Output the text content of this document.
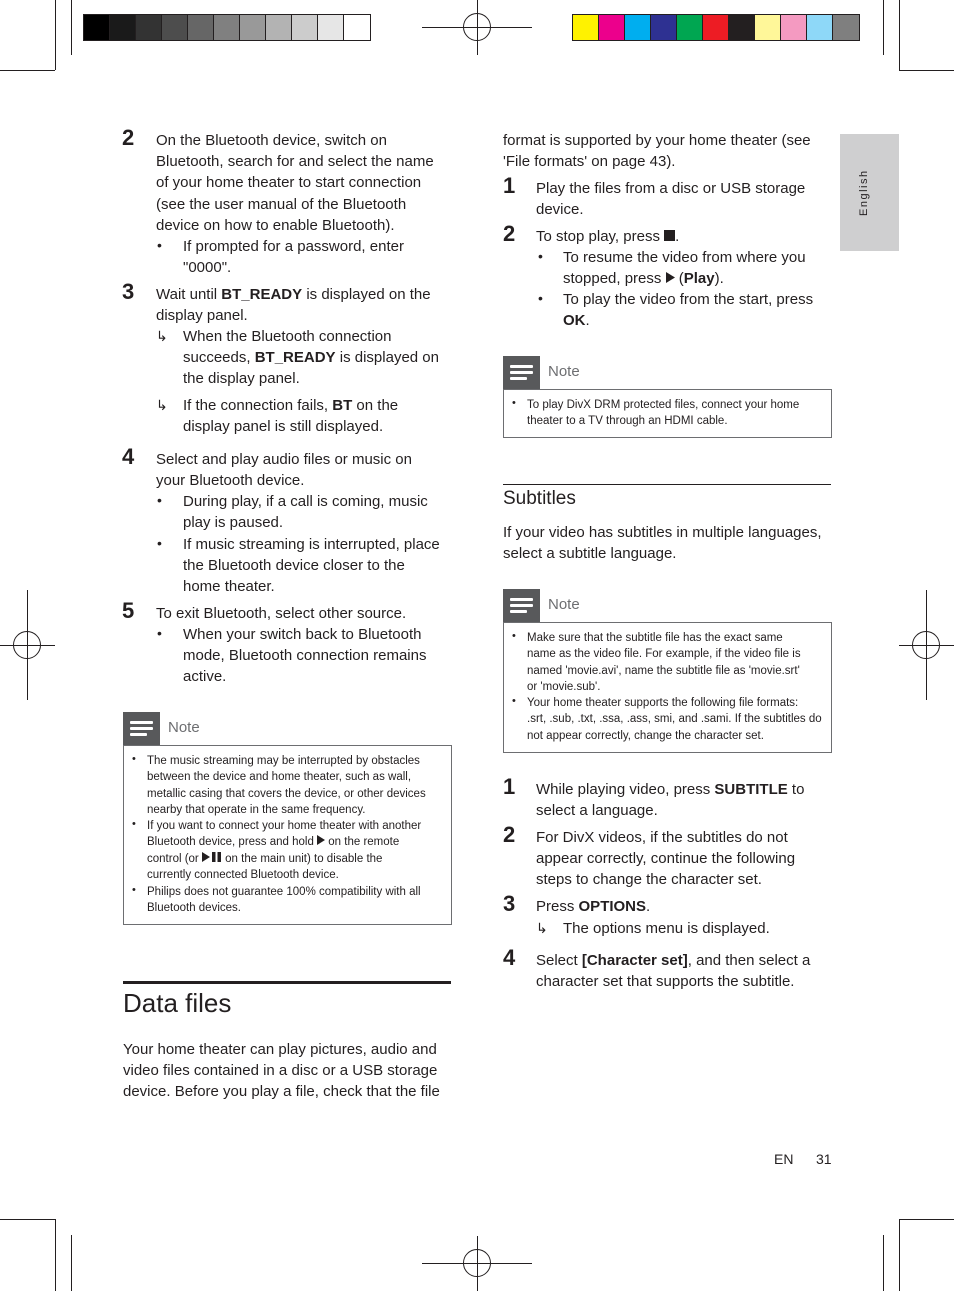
English
2 On the Bluetooth device, switch on
Bluetooth, search for and select the name
of your home theater to start connection
(see the user manual of the Bluetooth
device on how to enable Bluetooth).
• If prompted for a password, enter
"0000".
3 Wait until BT_READY is displayed on the
display panel.
↳ When the Bluetooth connection
succeeds, BT_READY is displayed on
the display panel.
↳ If the connection fails, BT on the
display panel is still displayed.
4 Select and play audio files or music on
your Bluetooth device.
• During play, if a call is coming, music
play is paused.
• If music streaming is interrupted, place
the Bluetooth device closer to the
home theater.
5 To exit Bluetooth, select other source.
• When your switch back to Bluetooth
mode, Bluetooth connection remains
active.
Note
• The music streaming may be interrupted by obstacles
between the device and home theater, such as wall,
metallic casing that covers the device, or other devices
nearby that operate in the same frequency.
• If you want to connect your home theater with another
Bluetooth device, press and hold  on the remote
control (or  on the main unit) to disable the
currently connected Bluetooth device.
• Philips does not guarantee 100% compatibility with all
Bluetooth devices.
Data files
Your home theater can play pictures, audio and
video files contained in a disc or a USB storage
device. Before you play a file, check that the file
format is supported by your home theater (see
'File formats' on page 43).
1 Play the files from a disc or USB storage
device.
2 To stop play, press .
• To resume the video from where you
stopped, press  (Play).
• To play the video from the start, press
OK.
Note
• To play DivX DRM protected files, connect your home
theater to a TV through an HDMI cable.
Subtitles
If your video has subtitles in multiple languages,
select a subtitle language.
Note
• Make sure that the subtitle file has the exact same
name as the video file. For example, if the video file is
named 'movie.avi', name the subtitle file as 'movie.srt'
or 'movie.sub'.
• Your home theater supports the following file formats:
.srt, .sub, .txt, .ssa, .ass, smi, and .sami. If the subtitles do
not appear correctly, change the character set.
1 While playing video, press SUBTITLE to
select a language.
2 For DivX videos, if the subtitles do not
appear correctly, continue the following
steps to change the character set.
3 Press OPTIONS.
↳ The options menu is displayed.
4 Select [Character set], and then select a
character set that supports the subtitle.
EN 31
